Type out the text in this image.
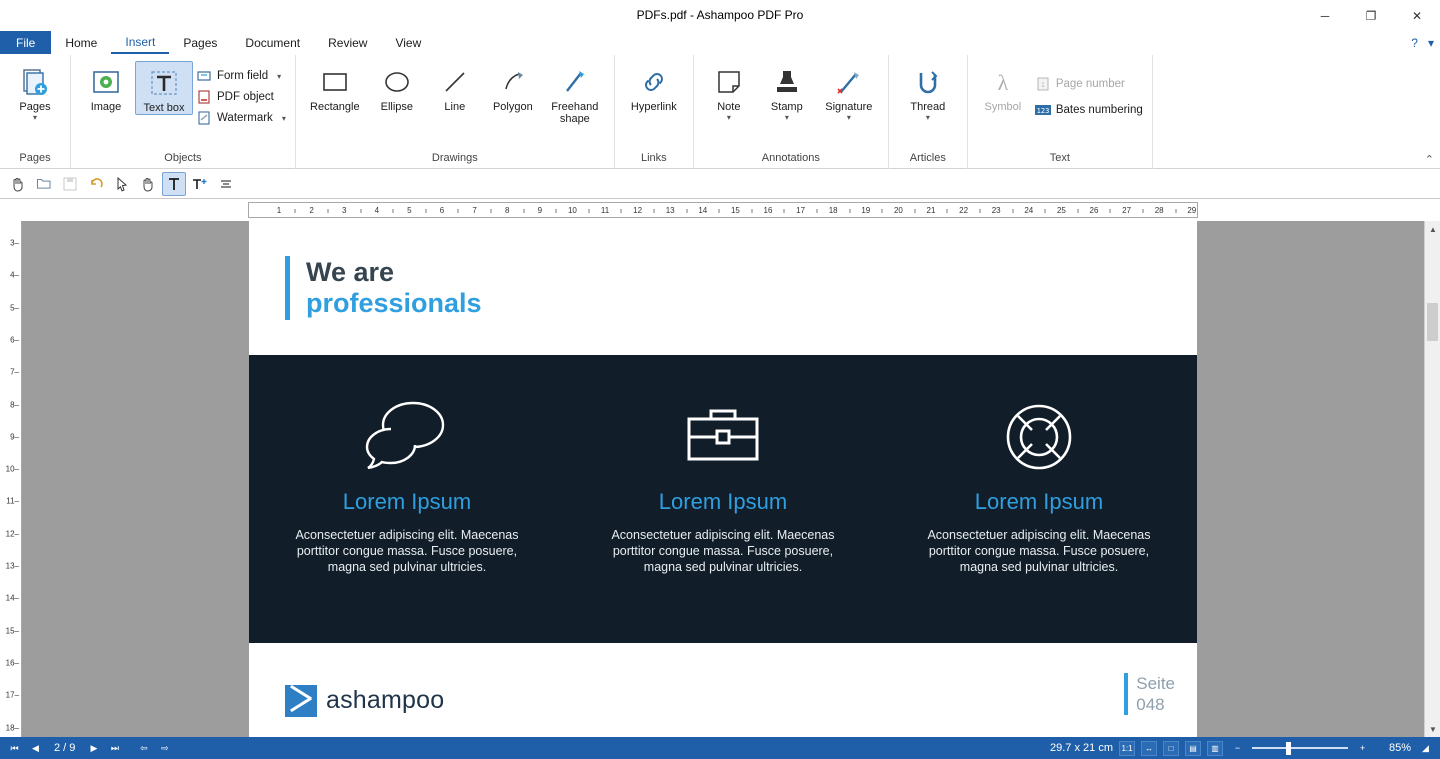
PDFs.pdf - Ashampoo PDF Pro	─	❐	✕
File	Home	Insert	Pages	Document	Review	View	? ▾
Pages
▾
Pages
Image Text box
Form field ▾
PDF object
Watermark ▾
Objects
Rectangle Ellipse	Line	Polygon	Freehand shape
Drawings
Hyperlink
Links
Note
▾
Stamp
▾
Signature
▾
Annotations
Thread
▾
Articles
λ
Symbol
1 Page number
123 Bates numbering
Text	⌃
1	2	3	4	5	6	7	8	9	10	11	12	13	14	15	16	17	18	19	20	21	22	23	24	25	26	27	28	29
3–
4–
5–
6–
7–
8–
9–
10–
11–
12–
13–
14–
15–
16–
17–
18–
We are
professionals
Lorem Ipsum
Aconsectetuer adipiscing elit. Maecenas porttitor congue massa. Fusce posuere, magna sed pulvinar ultricies.
Lorem Ipsum
Aconsectetuer adipiscing elit. Maecenas porttitor congue massa. Fusce posuere, magna sed pulvinar ultricies.
Lorem Ipsum
Aconsectetuer adipiscing elit. Maecenas porttitor congue massa. Fusce posuere, magna sed pulvinar ultricies.
ashampoo
Seite
048
▲
▼
⏮	◀	2 / 9	▶	⏭	⇦	⇨	29.7 x 21 cm	1:1	↔	□	▤	▥	−	+	85%	◢
